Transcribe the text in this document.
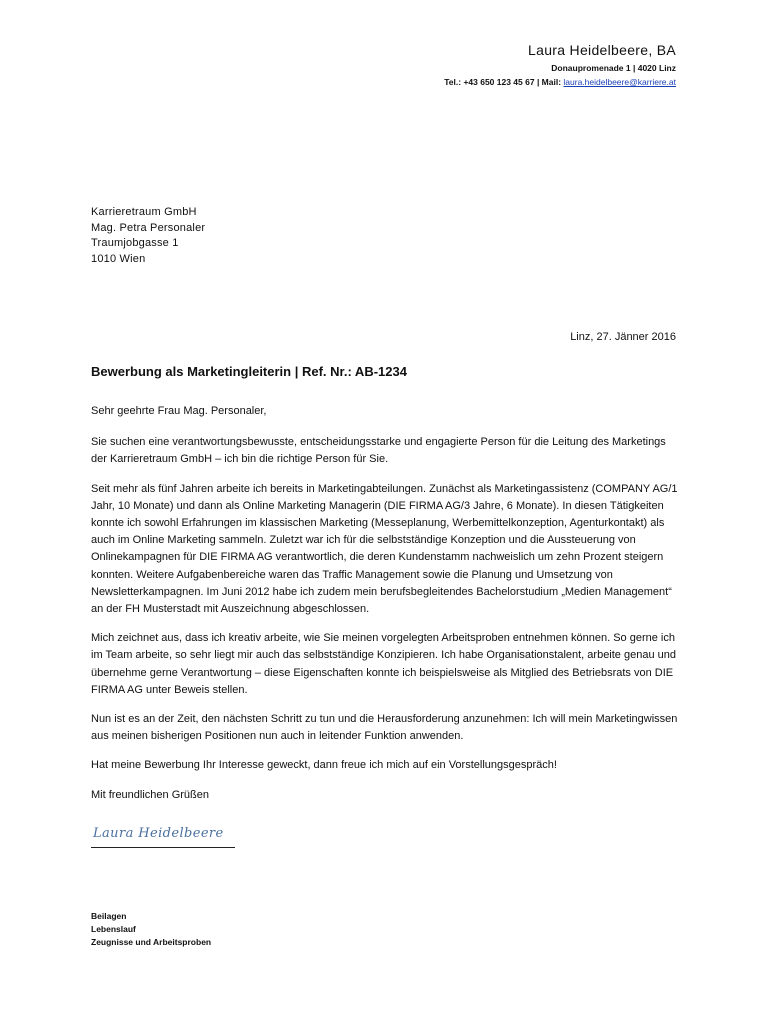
Laura Heidelbeere, BA
Donaupromenade 1 | 4020 Linz
Tel.: +43 650 123 45 67 | Mail: laura.heidelbeere@karriere.at
Karrieretraum GmbH
Mag. Petra Personaler
Traumjobgasse 1
1010 Wien
Linz, 27. Jänner 2016
Bewerbung als Marketingleiterin | Ref. Nr.: AB-1234

Sehr geehrte Frau Mag. Personaler,

Sie suchen eine verantwortungsbewusste, entscheidungsstarke und engagierte Person für die Leitung des Marketings der Karrieretraum GmbH – ich bin die richtige Person für Sie.

Seit mehr als fünf Jahren arbeite ich bereits in Marketingabteilungen. Zunächst als Marketingassistenz (COMPANY AG/1 Jahr, 10 Monate) und dann als Online Marketing Managerin (DIE FIRMA AG/3 Jahre, 6 Monate). In diesen Tätigkeiten konnte ich sowohl Erfahrungen im klassischen Marketing (Messeplanung, Werbemittelkonzeption, Agenturkontakt) als auch im Online Marketing sammeln. Zuletzt war ich für die selbstständige Konzeption und die Aussteuerung von Onlinekampagnen für DIE FIRMA AG verantwortlich, die deren Kundenstamm nachweislich um zehn Prozent steigern konnten. Weitere Aufgabenbereiche waren das Traffic Management sowie die Planung und Umsetzung von Newsletterkampagnen. Im Juni 2012 habe ich zudem mein berufsbegleitendes Bachelorstudium „Medien Management“ an der FH Musterstadt mit Auszeichnung abgeschlossen.

Mich zeichnet aus, dass ich kreativ arbeite, wie Sie meinen vorgelegten Arbeitsproben entnehmen können. So gerne ich im Team arbeite, so sehr liegt mir auch das selbstständige Konzipieren. Ich habe Organisationstalent, arbeite genau und übernehme gerne Verantwortung – diese Eigenschaften konnte ich beispielsweise als Mitglied des Betriebsrats von DIE FIRMA AG unter Beweis stellen.

Nun ist es an der Zeit, den nächsten Schritt zu tun und die Herausforderung anzunehmen: Ich will mein Marketingwissen aus meinen bisherigen Positionen nun auch in leitender Funktion anwenden.

Hat meine Bewerbung Ihr Interesse geweckt, dann freue ich mich auf ein Vorstellungsgespräch!

Mit freundlichen Grüßen

Laura Heidelbeere
Beilagen
Lebenslauf
Zeugnisse und Arbeitsproben
